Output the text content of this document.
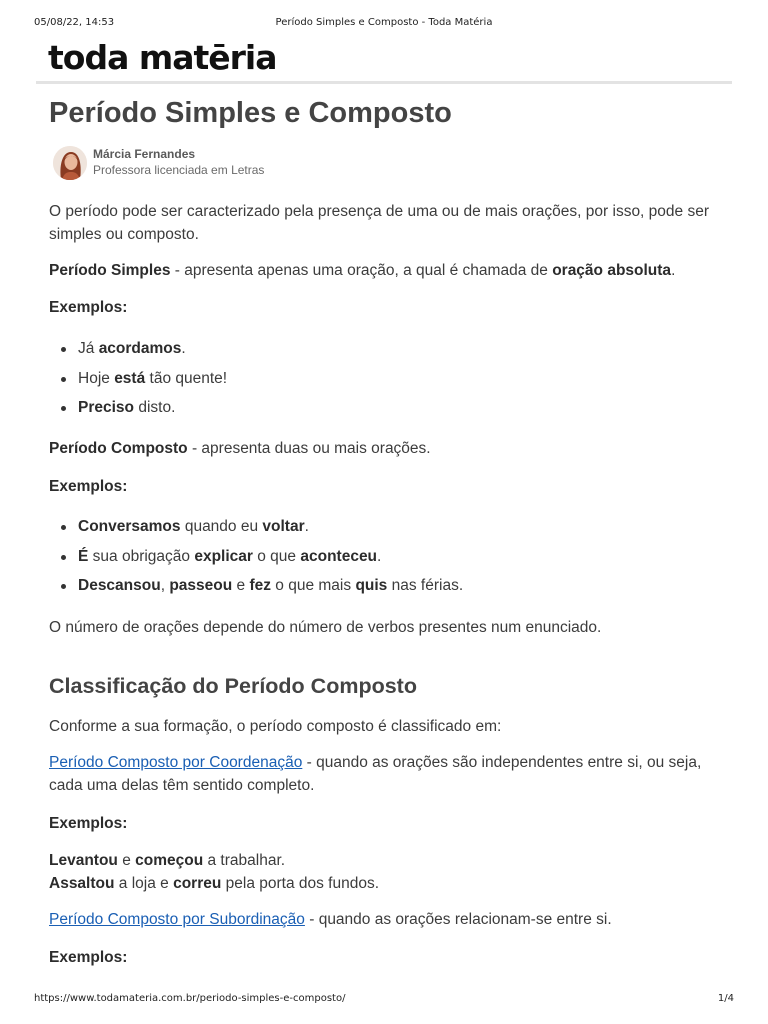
05/08/22, 14:53	Período Simples e Composto - Toda Matéria
toda matēria
Período Simples e Composto
Márcia Fernandes
Professora licenciada em Letras

O período pode ser caracterizado pela presença de uma ou de mais orações, por isso, pode ser simples ou composto.

Período Simples - apresenta apenas uma oração, a qual é chamada de oração absoluta.

Exemplos:

Já acordamos.
Hoje está tão quente!
Preciso disto.

Período Composto - apresenta duas ou mais orações.

Exemplos:

Conversamos quando eu voltar.
É sua obrigação explicar o que aconteceu.
Descansou, passeou e fez o que mais quis nas férias.

O número de orações depende do número de verbos presentes num enunciado.

Classificação do Período Composto

Conforme a sua formação, o período composto é classificado em:

Período Composto por Coordenação - quando as orações são independentes entre si, ou seja, cada uma delas têm sentido completo.

Exemplos:

Levantou e começou a trabalhar.
Assaltou a loja e correu pela porta dos fundos.

Período Composto por Subordinação - quando as orações relacionam-se entre si.

Exemplos:

https://www.todamateria.com.br/periodo-simples-e-composto/	1/4
